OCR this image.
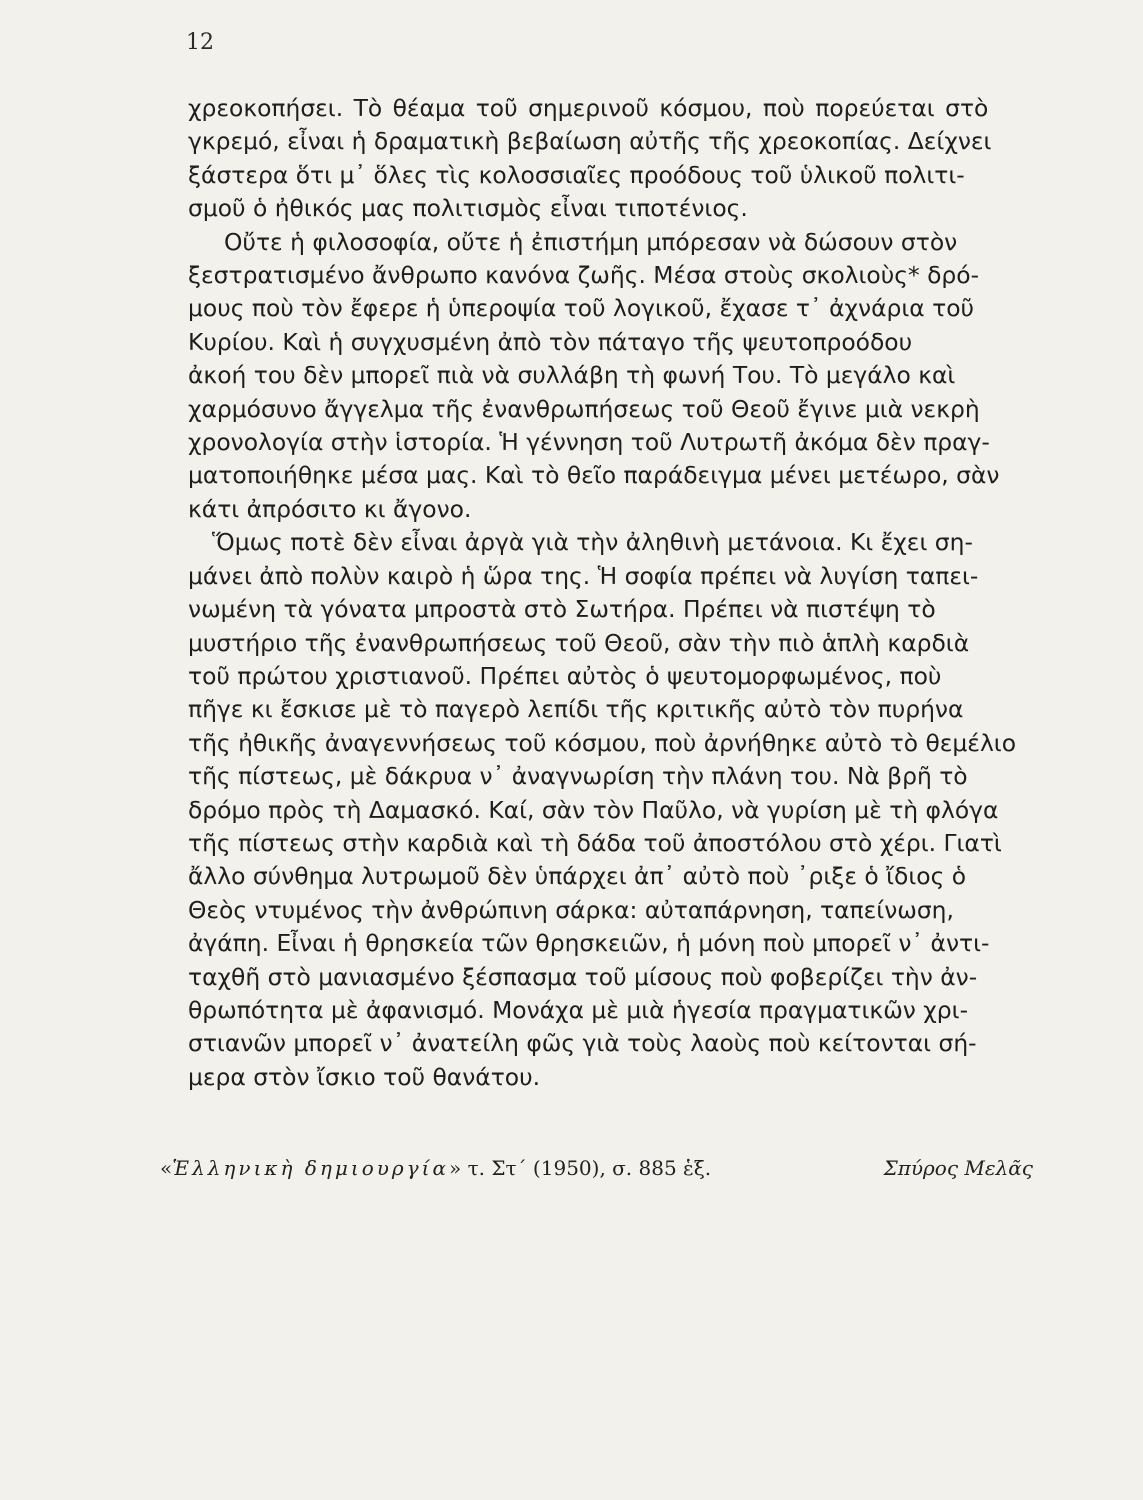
12
χρεοκοπήσει. Τὸ θέαμα τοῦ σημερινοῦ κόσμου, ποὺ πορεύεται στὸ
γκρεμό, εἶναι ἡ δραματικὴ βεβαίωση αὐτῆς τῆς χρεοκοπίας. Δείχνει
ξάστερα ὅτι μ᾿ ὅλες τὶς κολοσσιαῖες προόδους τοῦ ὑλικοῦ πολιτι-
σμοῦ ὁ ἠθικός μας πολιτισμὸς εἶναι τιποτένιος.
Οὔτε ἡ φιλοσοφία, οὔτε ἡ ἐπιστήμη μπόρεσαν νὰ δώσουν στὸν
ξεστρατισμένο ἄνθρωπο κανόνα ζωῆς. Μέσα στοὺς σκολιοὺς* δρό-
μους ποὺ τὸν ἔφερε ἡ ὑπεροψία τοῦ λογικοῦ, ἔχασε τ᾿ ἀχνάρια τοῦ
Κυρίου. Καὶ ἡ συγχυσμένη ἀπὸ τὸν πάταγο τῆς ψευτοπροόδου
ἀκοή του δὲν μπορεῖ πιὰ νὰ συλλάβη τὴ φωνή Του. Τὸ μεγάλο καὶ
χαρμόσυνο ἄγγελμα τῆς ἐνανθρωπήσεως τοῦ Θεοῦ ἔγινε μιὰ νεκρὴ
χρονολογία στὴν ἱστορία. Ἡ γέννηση τοῦ Λυτρωτῆ ἀκόμα δὲν πραγ-
ματοποιήθηκε μέσα μας. Καὶ τὸ θεῖο παράδειγμα μένει μετέωρο, σὰν
κάτι ἀπρόσιτο κι ἄγονο.
Ὅμως ποτὲ δὲν εἶναι ἀργὰ γιὰ τὴν ἀληθινὴ μετάνοια. Κι ἔχει ση-
μάνει ἀπὸ πολὺν καιρὸ ἡ ὥρα της. Ἡ σοφία πρέπει νὰ λυγίση ταπει-
νωμένη τὰ γόνατα μπροστὰ στὸ Σωτήρα. Πρέπει νὰ πιστέψη τὸ
μυστήριο τῆς ἐνανθρωπήσεως τοῦ Θεοῦ, σὰν τὴν πιὸ ἁπλὴ καρδιὰ
τοῦ πρώτου χριστιανοῦ. Πρέπει αὐτὸς ὁ ψευτομορφωμένος, ποὺ
πῆγε κι ἔσκισε μὲ τὸ παγερὸ λεπίδι τῆς κριτικῆς αὐτὸ τὸν πυρήνα
τῆς ἠθικῆς ἀναγεννήσεως τοῦ κόσμου, ποὺ ἀρνήθηκε αὐτὸ τὸ θεμέλιο
τῆς πίστεως, μὲ δάκρυα ν᾿ ἀναγνωρίση τὴν πλάνη του. Νὰ βρῆ τὸ
δρόμο πρὸς τὴ Δαμασκό. Καί, σὰν τὸν Παῦλο, νὰ γυρίση μὲ τὴ φλόγα
τῆς πίστεως στὴν καρδιὰ καὶ τὴ δάδα τοῦ ἀποστόλου στὸ χέρι. Γιατὶ
ἄλλο σύνθημα λυτρωμοῦ δὲν ὑπάρχει ἀπ᾿ αὐτὸ ποὺ ᾿ριξε ὁ ἴδιος ὁ
Θεὸς ντυμένος τὴν ἀνθρώπινη σάρκα: αὐταπάρνηση, ταπείνωση,
ἀγάπη. Εἶναι ἡ θρησκεία τῶν θρησκειῶν, ἡ μόνη ποὺ μπορεῖ ν᾿ ἀντι-
ταχθῆ στὸ μανιασμένο ξέσπασμα τοῦ μίσους ποὺ φοβερίζει τὴν ἀν-
θρωπότητα μὲ ἀφανισμό. Μονάχα μὲ μιὰ ἡγεσία πραγματικῶν χρι-
στιανῶν μπορεῖ ν᾿ ἀνατείλη φῶς γιὰ τοὺς λαοὺς ποὺ κείτονται σή-
μερα στὸν ἴσκιο τοῦ θανάτου.
«Ἑλληνικὴ δημιουργία» τ. Στ΄ (1950), σ. 885 ἑξ.	Σπύρος Μελᾶς
